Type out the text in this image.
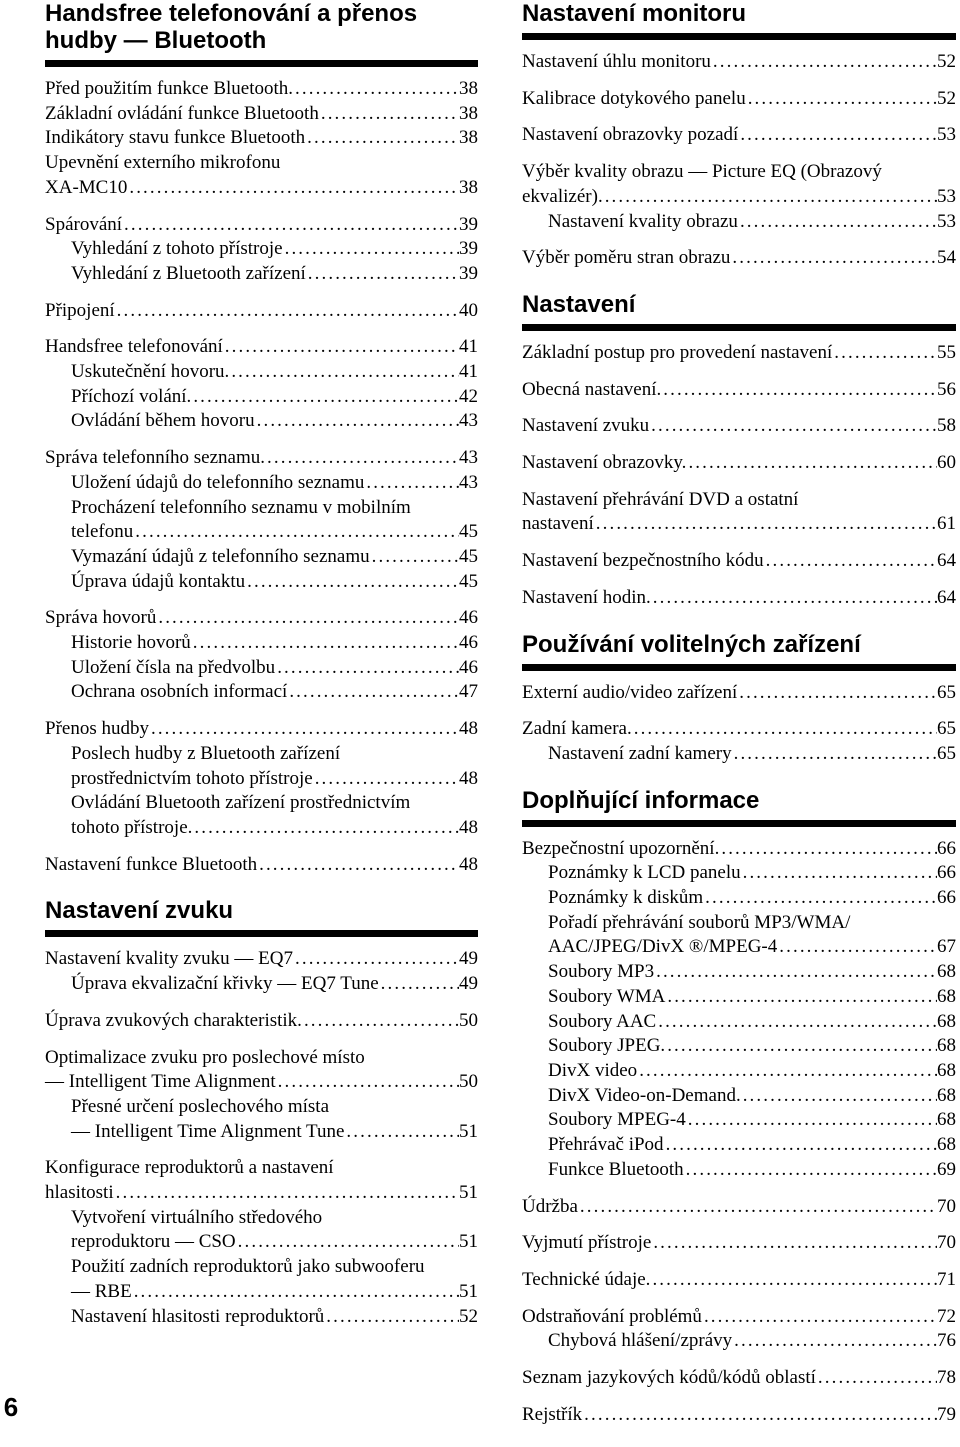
Handsfree telefonování a přenos hudby — Bluetooth
Před použitím funkce Bluetooth. .....	38
Základní ovládání funkce Bluetooth .....	38
Indikátory stavu funkce Bluetooth .....	38
Upevnění externího mikrofonu
XA-MC10 .....	38
Spárování .....	39
Vyhledání z tohoto přístroje .....	39
Vyhledání z Bluetooth zařízení .....	39
Připojení .....	40
Handsfree telefonování .....	41
Uskutečnění hovoru. .....	41
Příchozí volání. .....	42
Ovládání během hovoru .....	43
Správa telefonního seznamu. .....	43
Uložení údajů do telefonního seznamu .....	43
Procházení telefonního seznamu v mobilním
telefonu .....	45
Vymazání údajů z telefonního seznamu .....	45
Úprava údajů kontaktu .....	45
Správa hovorů .....	46
Historie hovorů .....	46
Uložení čísla na předvolbu .....	46
Ochrana osobních informací .....	47
Přenos hudby .....	48
Poslech hudby z Bluetooth zařízení
prostřednictvím tohoto přístroje .....	48
Ovládání Bluetooth zařízení prostřednictvím
tohoto přístroje. .....	48
Nastavení funkce Bluetooth .....	48
Nastavení zvuku
Nastavení kvality zvuku — EQ7 .....	49
Úprava ekvalizační křivky — EQ7 Tune .....	49
Úprava zvukových charakteristik. .....	50
Optimalizace zvuku pro poslechové místo
— Intelligent Time Alignment .....	50
Přesné určení poslechového místa
— Intelligent Time Alignment Tune .....	51
Konfigurace reproduktorů a nastavení
hlasitosti .....	51
Vytvoření virtuálního středového
reproduktoru — CSO .....	51
Použití zadních reproduktorů jako subwooferu
— RBE .....	51
Nastavení hlasitosti reproduktorů .....	52
Nastavení monitoru
Nastavení úhlu monitoru .....	52
Kalibrace dotykového panelu .....	52
Nastavení obrazovky pozadí .....	53
Výběr kvality obrazu — Picture EQ (Obrazový
ekvalizér). .....	53
Nastavení kvality obrazu .....	53
Výběr poměru stran obrazu .....	54
Nastavení
Základní postup pro provedení nastavení .....	55
Obecná nastavení. .....	56
Nastavení zvuku .....	58
Nastavení obrazovky. .....	60
Nastavení přehrávání DVD a ostatní
nastavení .....	61
Nastavení bezpečnostního kódu .....	64
Nastavení hodin. .....	64
Používání volitelných zařízení
Externí audio/video zařízení .....	65
Zadní kamera. .....	65
Nastavení zadní kamery .....	65
Doplňující informace
Bezpečnostní upozornění. .....	66
Poznámky k LCD panelu .....	66
Poznámky k diskům .....	66
Pořadí přehrávání souborů MP3/WMA/
AAC/JPEG/DivX ®/MPEG-4 .....	67
Soubory MP3 .....	68
Soubory WMA .....	68
Soubory AAC .....	68
Soubory JPEG. .....	68
DivX video .....	68
DivX Video-on-Demand. .....	68
Soubory MPEG-4 .....	68
Přehrávač iPod .....	68
Funkce Bluetooth .....	69
Údržba .....	70
Vyjmutí přístroje .....	70
Technické údaje. .....	71
Odstraňování problémů .....	72
Chybová hlášení/zprávy .....	76
Seznam jazykových kódů/kódů oblastí .....	78
Rejstřík .....	79
6
